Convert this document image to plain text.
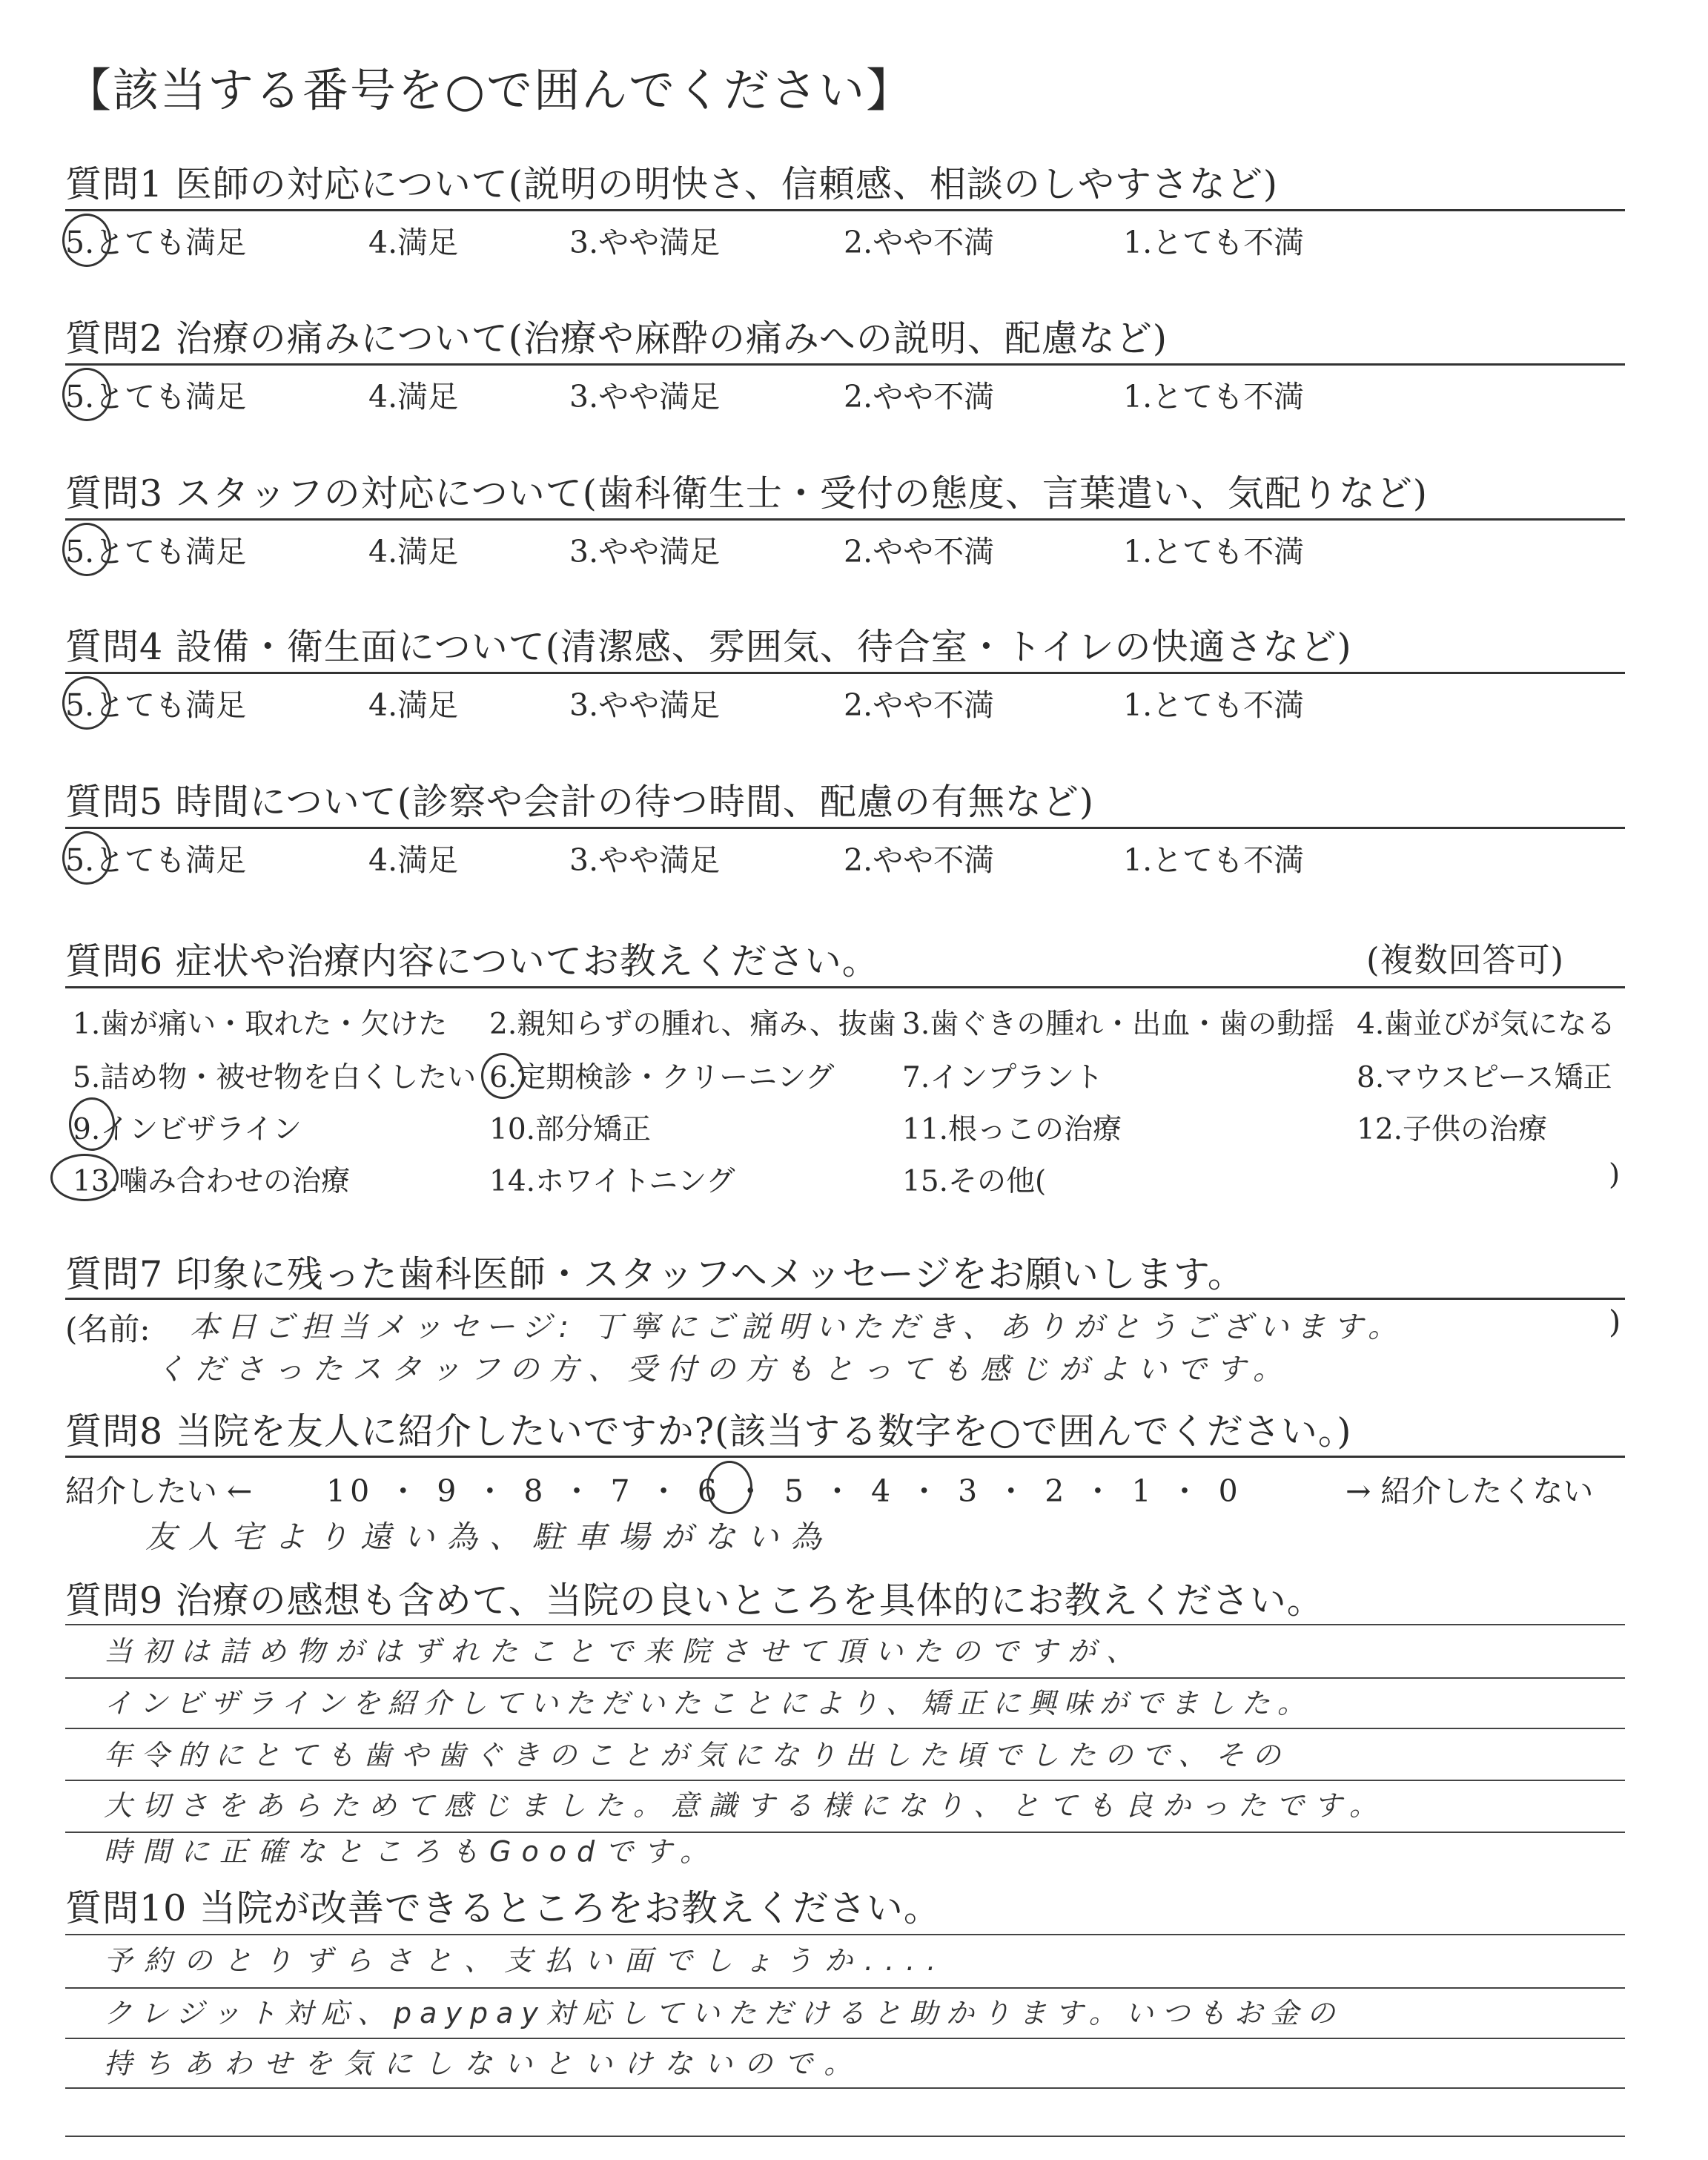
【該当する番号を○で囲んでください】
質問1 医師の対応について(説明の明快さ、信頼感、相談のしやすさなど)
5.とても満足	4.満足	3.やや満足	2.やや不満	1.とても不満
質問2 治療の痛みについて(治療や麻酔の痛みへの説明、配慮など)
5.とても満足	4.満足	3.やや満足	2.やや不満	1.とても不満
質問3 スタッフの対応について(歯科衛生士・受付の態度、言葉遣い、気配りなど)
5.とても満足	4.満足	3.やや満足	2.やや不満	1.とても不満
質問4 設備・衛生面について(清潔感、雰囲気、待合室・トイレの快適さなど)
5.とても満足	4.満足	3.やや満足	2.やや不満	1.とても不満
質問5 時間について(診察や会計の待つ時間、配慮の有無など)
5.とても満足	4.満足	3.やや満足	2.やや不満	1.とても不満
質問6 症状や治療内容についてお教えください。	(複数回答可)
1.歯が痛い・取れた・欠けた 2.親知らずの腫れ、痛み、抜歯 3.歯ぐきの腫れ・出血・歯の動揺 4.歯並びが気になる
5.詰め物・被せ物を白くしたい 6.定期検診・クリーニング 7.インプラント	8.マウスピース矯正
9.インビザライン	10.部分矯正	11.根っこの治療	12.子供の治療
13.噛み合わせの治療	14.ホワイトニング	15.その他(	)
質問7 印象に残った歯科医師・スタッフへメッセージをお願いします。
(名前: 本日ご担当メッセージ: 丁寧にご説明いただき、ありがとうございます。
くださったスタッフの方、受付の方もとっても感じがよいです。
)
質問8 当院を友人に紹介したいですか?(該当する数字を○で囲んでください。)
紹介したい ← 10 ・ 9 ・ 8 ・ 7 ・ 6 ・ 5 ・ 4 ・ 3 ・ 2 ・ 1 ・ 0	→ 紹介したくない
友人宅より遠い為、駐車場がない為
質問9 治療の感想も含めて、当院の良いところを具体的にお教えください。
当初は詰め物がはずれたことで来院させて頂いたのですが、
インビザラインを紹介していただいたことにより、矯正に興味がでました。
年令的にとても歯や歯ぐきのことが気になり出した頃でしたので、その
大切さをあらためて感じました。意識する様になり、とても良かったです。
時間に正確なところもGoodです。
質問10 当院が改善できるところをお教えください。
予約のとりずらさと、支払い面でしょうか....
クレジット対応、paypay対応していただけると助かります。いつもお金の
持ちあわせを気にしないといけないので。
